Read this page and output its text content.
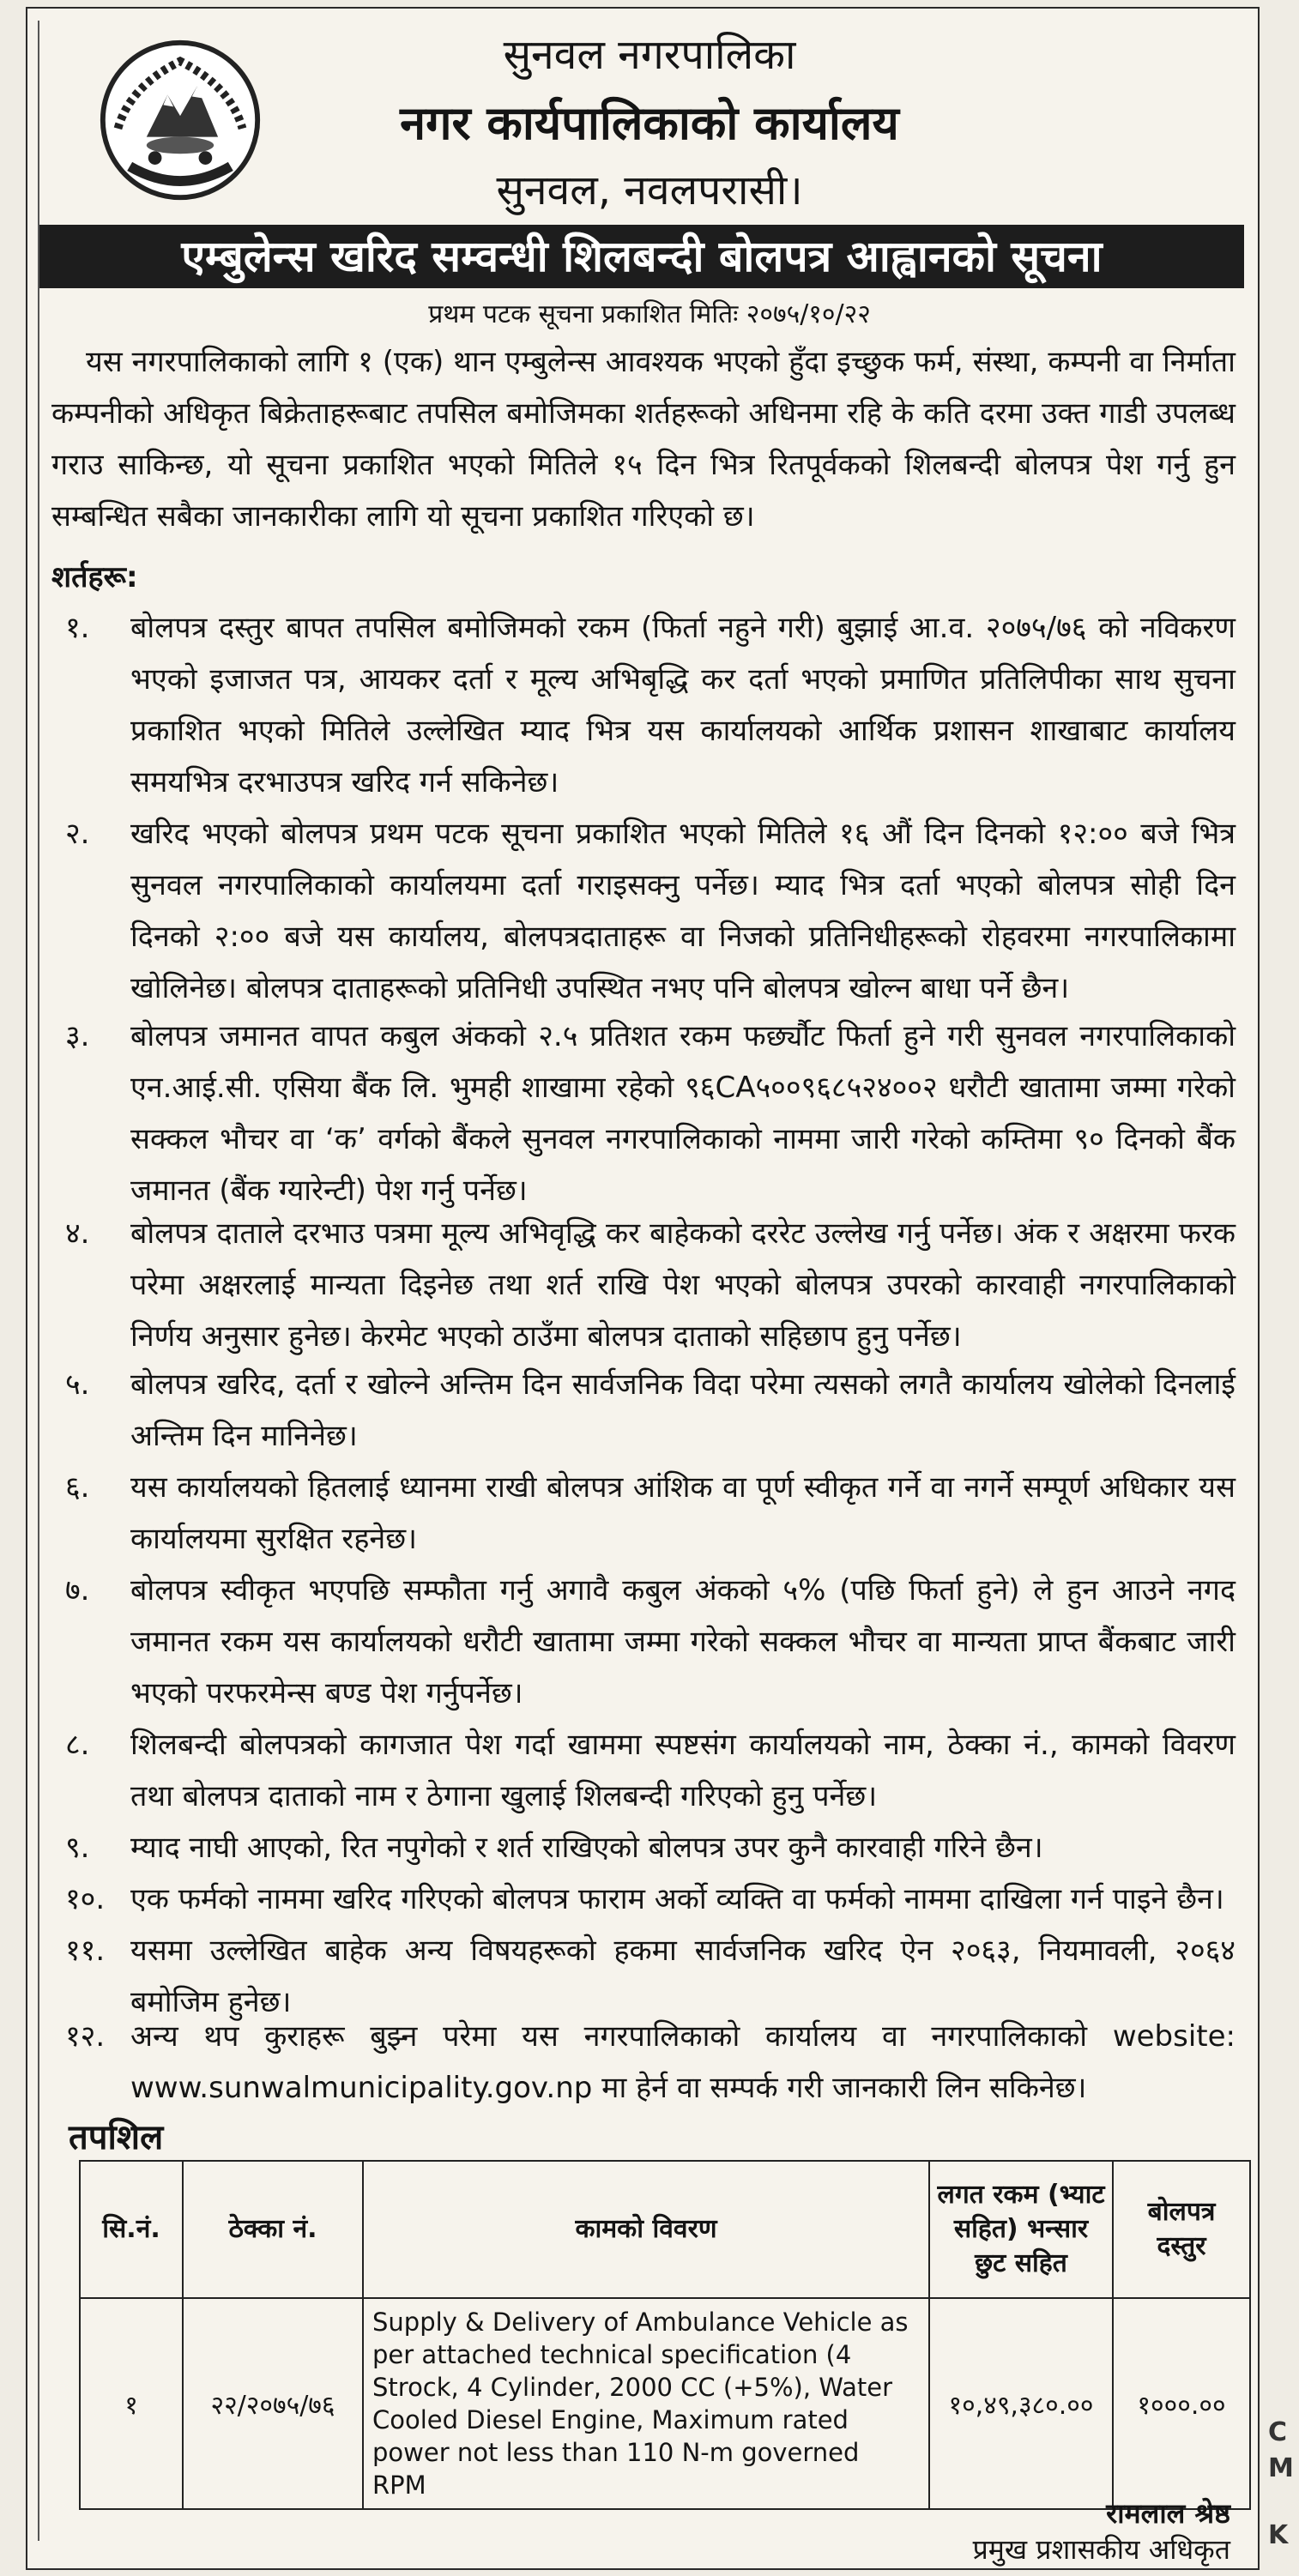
सुनवल नगरपालिका
नगर कार्यपालिकाको कार्यालय
सुनवल, नवलपरासी।
एम्बुलेन्स खरिद सम्वन्धी शिलबन्दी बोलपत्र आह्वानको सूचना
प्रथम पटक सूचना प्रकाशित मितिः २०७५/१०/२२
यस नगरपालिकाको लागि १ (एक) थान एम्बुलेन्स आवश्यक भएको हुँदा इच्छुक फर्म, संस्था, कम्पनी वा निर्माता कम्पनीको अधिकृत बिक्रेताहरूबाट तपसिल बमोजिमका शर्तहरूको अधिनमा रहि के कति दरमा उक्त गाडी उपलब्ध गराउ साकिन्छ, यो सूचना प्रकाशित भएको मितिले १५ दिन भित्र रितपूर्वकको शिलबन्दी बोलपत्र पेश गर्नु हुन सम्बन्धित सबैका जानकारीका लागि यो सूचना प्रकाशित गरिएको छ।
शर्तहरू:
१. बोलपत्र दस्तुर बापत तपसिल बमोजिमको रकम (फिर्ता नहुने गरी) बुझाई आ.व. २०७५/७६ को नविकरण भएको इजाजत पत्र, आयकर दर्ता र मूल्य अभिबृद्धि कर दर्ता भएको प्रमाणित प्रतिलिपीका साथ सुचना प्रकाशित भएको मितिले उल्लेखित म्याद भित्र यस कार्यालयको आर्थिक प्रशासन शाखाबाट कार्यालय समयभित्र दरभाउपत्र खरिद गर्न सकिनेछ।
२. खरिद भएको बोलपत्र प्रथम पटक सूचना प्रकाशित भएको मितिले १६ औं दिन दिनको १२:०० बजे भित्र सुनवल नगरपालिकाको कार्यालयमा दर्ता गराइसक्नु पर्नेछ। म्याद भित्र दर्ता भएको बोलपत्र सोही दिन दिनको २:०० बजे यस कार्यालय, बोलपत्रदाताहरू वा निजको प्रतिनिधीहरूको रोहवरमा नगरपालिकामा खोलिनेछ। बोलपत्र दाताहरूको प्रतिनिधी उपस्थित नभए पनि बोलपत्र खोल्न बाधा पर्ने छैन।
३. बोलपत्र जमानत वापत कबुल अंकको २.५ प्रतिशत रकम फर्छ्यौट फिर्ता हुने गरी सुनवल नगरपालिकाको एन.आई.सी. एसिया बैंक लि. भुमही शाखामा रहेको ९६CA५००९६८५२४००२ धरौटी खातामा जम्मा गरेको सक्कल भौचर वा ‘क’ वर्गको बैंकले सुनवल नगरपालिकाको नाममा जारी गरेको कम्तिमा ९० दिनको बैंक जमानत (बैंक ग्यारेन्टी) पेश गर्नु पर्नेछ।
४. बोलपत्र दाताले दरभाउ पत्रमा मूल्य अभिवृद्धि कर बाहेकको दररेट उल्लेख गर्नु पर्नेछ। अंक र अक्षरमा फरक परेमा अक्षरलाई मान्यता दिइनेछ तथा शर्त राखि पेश भएको बोलपत्र उपरको कारवाही नगरपालिकाको निर्णय अनुसार हुनेछ। केरमेट भएको ठाउँमा बोलपत्र दाताको सहिछाप हुनु पर्नेछ।
५. बोलपत्र खरिद, दर्ता र खोल्ने अन्तिम दिन सार्वजनिक विदा परेमा त्यसको लगतै कार्यालय खोलेको दिनलाई अन्तिम दिन मानिनेछ।
६. यस कार्यालयको हितलाई ध्यानमा राखी बोलपत्र आंशिक वा पूर्ण स्वीकृत गर्ने वा नगर्ने सम्पूर्ण अधिकार यस कार्यालयमा सुरक्षित रहनेछ।
७. बोलपत्र स्वीकृत भएपछि सम्फौता गर्नु अगावै कबुल अंकको ५% (पछि फिर्ता हुने) ले हुन आउने नगद जमानत रकम यस कार्यालयको धरौटी खातामा जम्मा गरेको सक्कल भौचर वा मान्यता प्राप्त बैंकबाट जारी भएको परफरमेन्स बण्ड पेश गर्नुपर्नेछ।
८. शिलबन्दी बोलपत्रको कागजात पेश गर्दा खाममा स्पष्टसंग कार्यालयको नाम, ठेक्का नं., कामको विवरण तथा बोलपत्र दाताको नाम र ठेगाना खुलाई शिलबन्दी गरिएको हुनु पर्नेछ।
९. म्याद नाघी आएको, रित नपुगेको र शर्त राखिएको बोलपत्र उपर कुनै कारवाही गरिने छैन।
१०. एक फर्मको नाममा खरिद गरिएको बोलपत्र फाराम अर्को व्यक्ति वा फर्मको नाममा दाखिला गर्न पाइने छैन।
११. यसमा उल्लेखित बाहेक अन्य विषयहरूको हकमा सार्वजनिक खरिद ऐन २०६३, नियमावली, २०६४ बमोजिम हुनेछ।
१२. अन्य थप कुराहरू बुझ्न परेमा यस नगरपालिकाको कार्यालय वा नगरपालिकाको website: www.sunwalmunicipality.gov.np मा हेर्न वा सम्पर्क गरी जानकारी लिन सकिनेछ।
तपशिल
सि.नं.	ठेक्का नं.	कामको विवरण	लगत रकम (भ्याट सहित) भन्सार छुट सहित	बोलपत्र दस्तुर
१	२२/२०७५/७६	Supply & Delivery of Ambulance Vehicle as per attached technical specification (4 Strock, 4 Cylinder, 2000 CC (+5%), Water Cooled Diesel Engine, Maximum rated power not less than 110 N-m governed RPM	१०,४९,३८०.००	१०००.००
रामलाल श्रेष्ठ
प्रमुख प्रशासकीय अधिकृत
C
M
K
